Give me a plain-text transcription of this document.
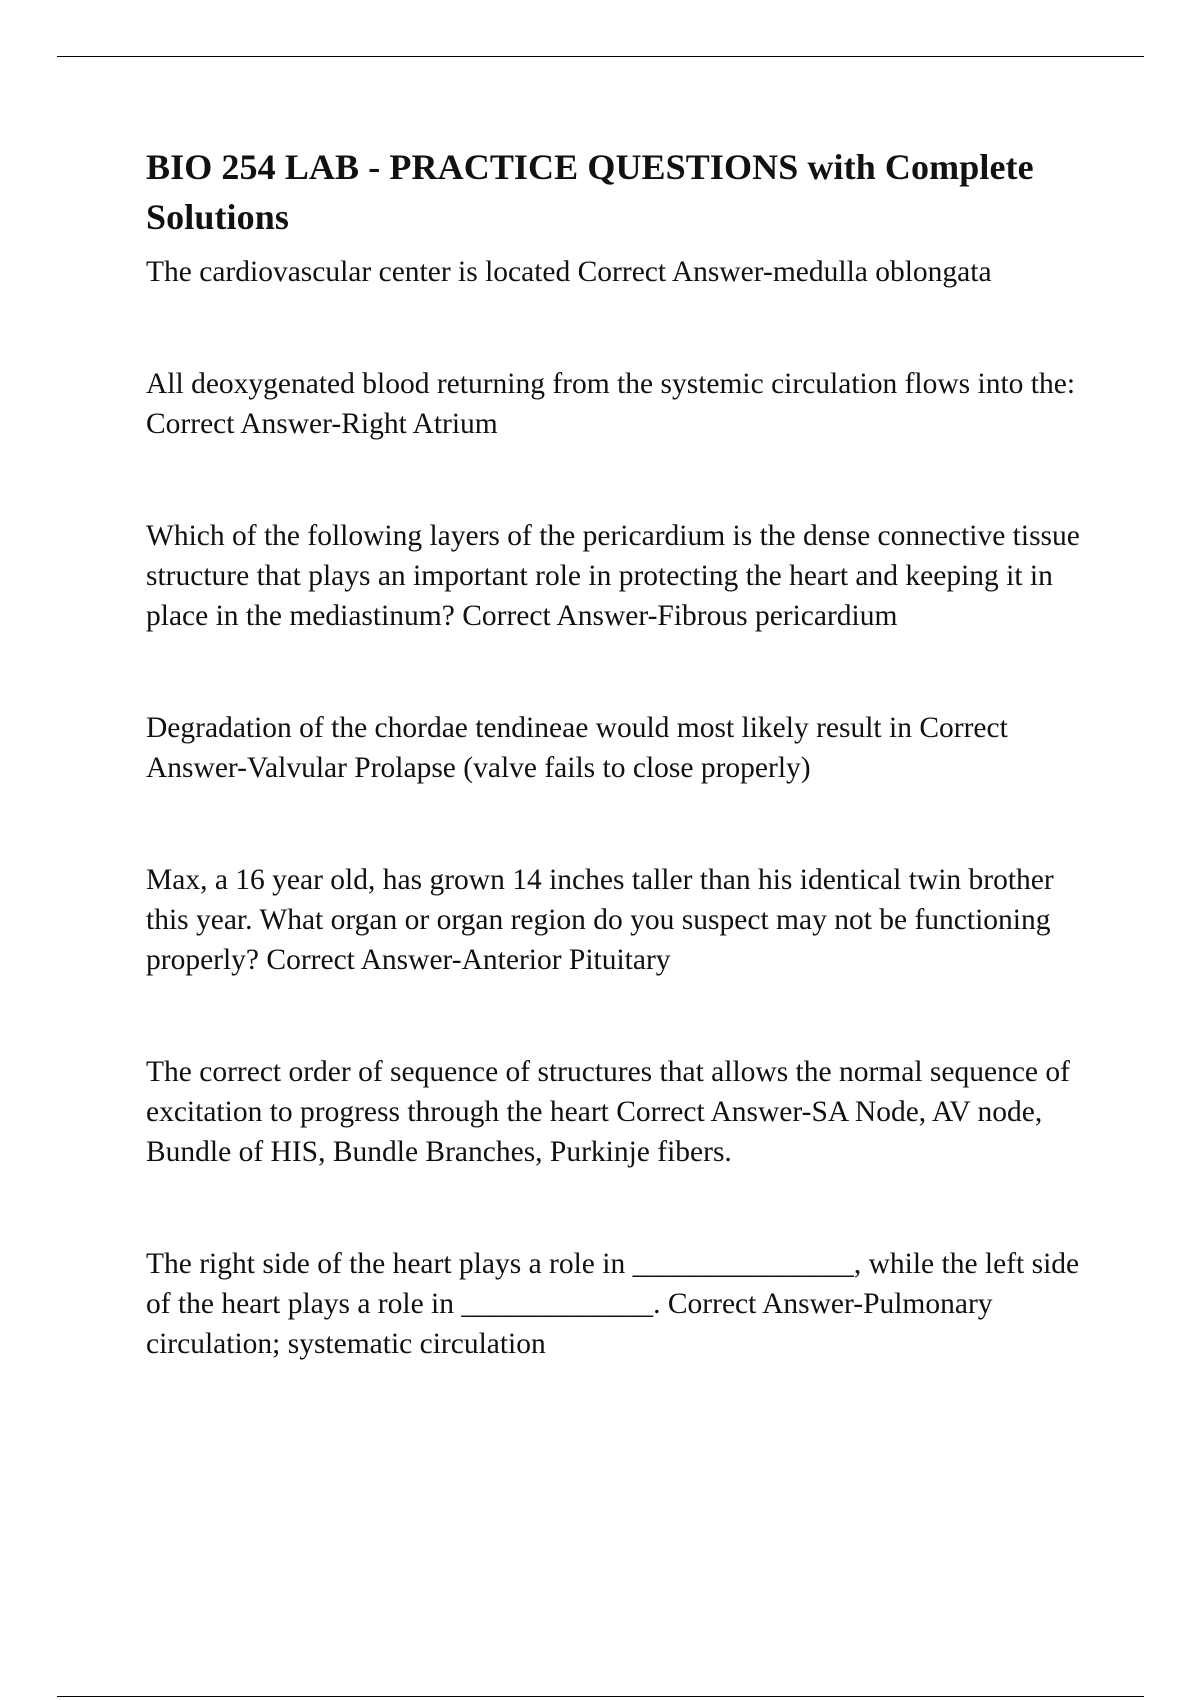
BIO 254 LAB - PRACTICE QUESTIONS with Complete Solutions

The cardiovascular center is located Correct Answer-medulla oblongata

All deoxygenated blood returning from the systemic circulation flows into the: Correct Answer-Right Atrium

Which of the following layers of the pericardium is the dense connective tissue structure that plays an important role in protecting the heart and keeping it in place in the mediastinum? Correct Answer-Fibrous pericardium

Degradation of the chordae tendineae would most likely result in Correct Answer-Valvular Prolapse (valve fails to close properly)

Max, a 16 year old, has grown 14 inches taller than his identical twin brother this year. What organ or organ region do you suspect may not be functioning properly? Correct Answer-Anterior Pituitary

The correct order of sequence of structures that allows the normal sequence of excitation to progress through the heart Correct Answer-SA Node, AV node, Bundle of HIS, Bundle Branches, Purkinje fibers.

The right side of the heart plays a role in _______________, while the left side of the heart plays a role in _____________. Correct Answer-Pulmonary circulation; systematic circulation
